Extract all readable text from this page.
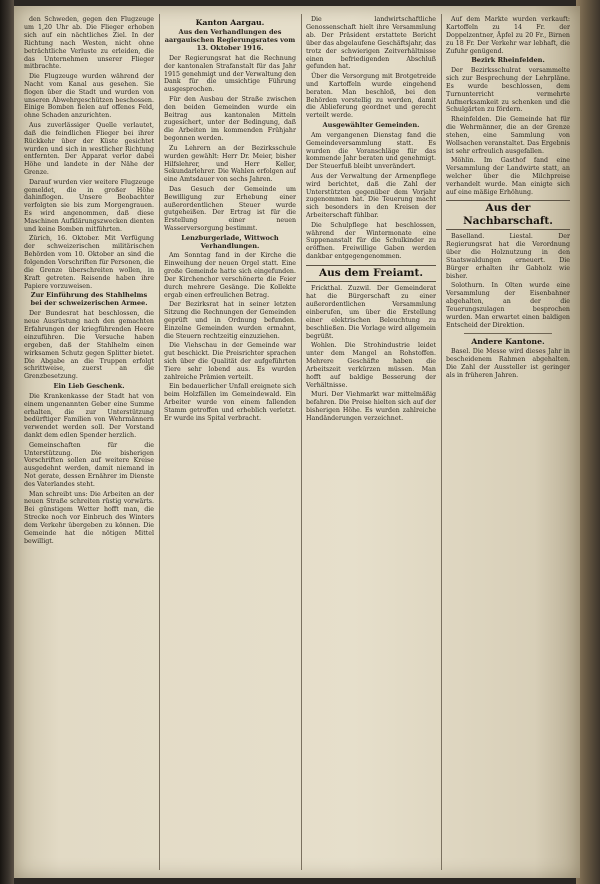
den Schweden, gegen den Flugzeuge um 1,20 Uhr ab. Die Flieger erhoben sich auf ein nächtliches Ziel. In der Richtung nach Westen, nicht ohne beträchtliche Verluste zu erleiden, die das Unternehmen unserer Flieger mitbrachte.

Die Flugzeuge wurden während der Nacht vom Kanal aus gesehen. Sie flogen über die Stadt und wurden von unseren Abwehrgeschützen beschossen. Einige Bomben fielen auf offenes Feld, ohne Schaden anzurichten.

Aus zuverlässiger Quelle verlautet, daß die feindlichen Flieger bei ihrer Rückkehr über der Küste gesichtet wurden und sich in westlicher Richtung entfernten. Der Apparat verlor dabei Höhe und landete in der Nähe der Grenze.

Darauf wurden vier weitere Flugzeuge gemeldet, die in großer Höhe dahinflogen. Unsere Beobachter verfolgten sie bis zum Morgengrauen. Es wird angenommen, daß diese Maschinen Aufklärungszwecken dienten und keine Bomben mitführten.

Zürich, 16. Oktober. Mit Verfügung der schweizerischen militärischen Behörden vom 10. Oktober an sind die folgenden Vorschriften für Personen, die die Grenze überschreiten wollen, in Kraft getreten. Reisende haben ihre Papiere vorzuweisen.

Zur Einführung des Stahlhelms bei der schweizerischen Armee.

Der Bundesrat hat beschlossen, die neue Ausrüstung nach den gemachten Erfahrungen der kriegführenden Heere einzuführen. Die Versuche haben ergeben, daß der Stahlhelm einen wirksamen Schutz gegen Splitter bietet. Die Abgabe an die Truppen erfolgt schrittweise, zuerst an die Grenzbesetzung.

Ein Lieb Geschenk.

Die Krankenkasse der Stadt hat von einem ungenannten Geber eine Summe erhalten, die zur Unterstützung bedürftiger Familien von Wehrmännern verwendet werden soll. Der Vorstand dankt dem edlen Spender herzlich.

Gemeinschaften für die Unterstützung. Die bisherigen Vorschriften sollen auf weitere Kreise ausgedehnt werden, damit niemand in Not gerate, dessen Ernährer im Dienste des Vaterlandes steht.

Man schreibt uns: Die Arbeiten an der neuen Straße schreiten rüstig vorwärts. Bei günstigem Wetter hofft man, die Strecke noch vor Einbruch des Winters dem Verkehr übergeben zu können. Die Gemeinde hat die nötigen Mittel bewilligt.

Kanton Aargau.
Aus den Verhandlungen des aargauischen Regierungsrates vom 13. Oktober 1916.

Der Regierungsrat hat die Rechnung der kantonalen Strafanstalt für das Jahr 1915 genehmigt und der Verwaltung den Dank für die umsichtige Führung ausgesprochen.

Für den Ausbau der Straße zwischen den beiden Gemeinden wurde ein Beitrag aus kantonalen Mitteln zugesichert, unter der Bedingung, daß die Arbeiten im kommenden Frühjahr begonnen werden.

Zu Lehrern an der Bezirksschule wurden gewählt: Herr Dr. Meier, bisher Hilfslehrer, und Herr Keller, Sekundarlehrer. Die Wahlen erfolgen auf eine Amtsdauer von sechs Jahren.

Das Gesuch der Gemeinde um Bewilligung zur Erhebung einer außerordentlichen Steuer wurde gutgeheißen. Der Ertrag ist für die Erstellung einer neuen Wasserversorgung bestimmt.

Lenzburgerlade, Wittwoch Verhandlungen.

Am Sonntag fand in der Kirche die Einweihung der neuen Orgel statt. Eine große Gemeinde hatte sich eingefunden. Der Kirchenchor verschönerte die Feier durch mehrere Gesänge. Die Kollekte ergab einen erfreulichen Betrag.

Der Bezirksrat hat in seiner letzten Sitzung die Rechnungen der Gemeinden geprüft und in Ordnung befunden. Einzelne Gemeinden wurden ermahnt, die Steuern rechtzeitig einzuziehen.

Die Viehschau in der Gemeinde war gut beschickt. Die Preisrichter sprachen sich über die Qualität der aufgeführten Tiere sehr lobend aus. Es wurden zahlreiche Prämien verteilt.

Ein bedauerlicher Unfall ereignete sich beim Holzfällen im Gemeindewald. Ein Arbeiter wurde von einem fallenden Stamm getroffen und erheblich verletzt. Er wurde ins Spital verbracht.

Die landwirtschaftliche Genossenschaft hielt ihre Versammlung ab. Der Präsident erstattete Bericht über das abgelaufene Geschäftsjahr, das trotz der schwierigen Zeitverhältnisse einen befriedigenden Abschluß gefunden hat.

Über die Versorgung mit Brotgetreide und Kartoffeln wurde eingehend beraten. Man beschloß, bei den Behörden vorstellig zu werden, damit die Ablieferung geordnet und gerecht verteilt werde.

Ausgewählter Gemeinden.

Am vergangenen Dienstag fand die Gemeindeversammlung statt. Es wurden die Voranschläge für das kommende Jahr beraten und genehmigt. Der Steuerfuß bleibt unverändert.

Aus der Verwaltung der Armenpflege wird berichtet, daß die Zahl der Unterstützten gegenüber dem Vorjahr zugenommen hat. Die Teuerung macht sich besonders in den Kreisen der Arbeiterschaft fühlbar.

Die Schulpflege hat beschlossen, während der Wintermonate eine Suppenanstalt für die Schulkinder zu eröffnen. Freiwillige Gaben werden dankbar entgegengenommen.

Aus dem Freiamt.

Frickthal. Zuzwil. Der Gemeinderat hat die Bürgerschaft zu einer außerordentlichen Versammlung einberufen, um über die Erstellung einer elektrischen Beleuchtung zu beschließen. Die Vorlage wird allgemein begrüßt.

Wohlen. Die Strohindustrie leidet unter dem Mangel an Rohstoffen. Mehrere Geschäfte haben die Arbeitszeit verkürzen müssen. Man hofft auf baldige Besserung der Verhältnisse.

Muri. Der Viehmarkt war mittelmäßig befahren. Die Preise hielten sich auf der bisherigen Höhe. Es wurden zahlreiche Handänderungen verzeichnet.

Auf dem Markte wurden verkauft: Kartoffeln zu 14 Fr. der Doppelzentner, Äpfel zu 20 Fr., Birnen zu 18 Fr. Der Verkehr war lebhaft, die Zufuhr genügend.

Bezirk Rheinfelden.

Der Bezirksschulrat versammelte sich zur Besprechung der Lehrpläne. Es wurde beschlossen, dem Turnunterricht vermehrte Aufmerksamkeit zu schenken und die Schulgärten zu fördern.

Rheinfelden. Die Gemeinde hat für die Wehrmänner, die an der Grenze stehen, eine Sammlung von Wollsachen veranstaltet. Das Ergebnis ist sehr erfreulich ausgefallen.

Möhlin. Im Gasthof fand eine Versammlung der Landwirte statt, an welcher über die Milchpreise verhandelt wurde. Man einigte sich auf eine mäßige Erhöhung.

Aus der Nachbarschaft.

Baselland. Liestal. Der Regierungsrat hat die Verordnung über die Holznutzung in den Staatswaldungen erneuert. Die Bürger erhalten ihr Gabholz wie bisher.

Solothurn. In Olten wurde eine Versammlung der Eisenbahner abgehalten, an der die Teuerungszulagen besprochen wurden. Man erwartet einen baldigen Entscheid der Direktion.

Andere Kantone.

Basel. Die Messe wird dieses Jahr in bescheidenem Rahmen abgehalten. Die Zahl der Aussteller ist geringer als in früheren Jahren.
